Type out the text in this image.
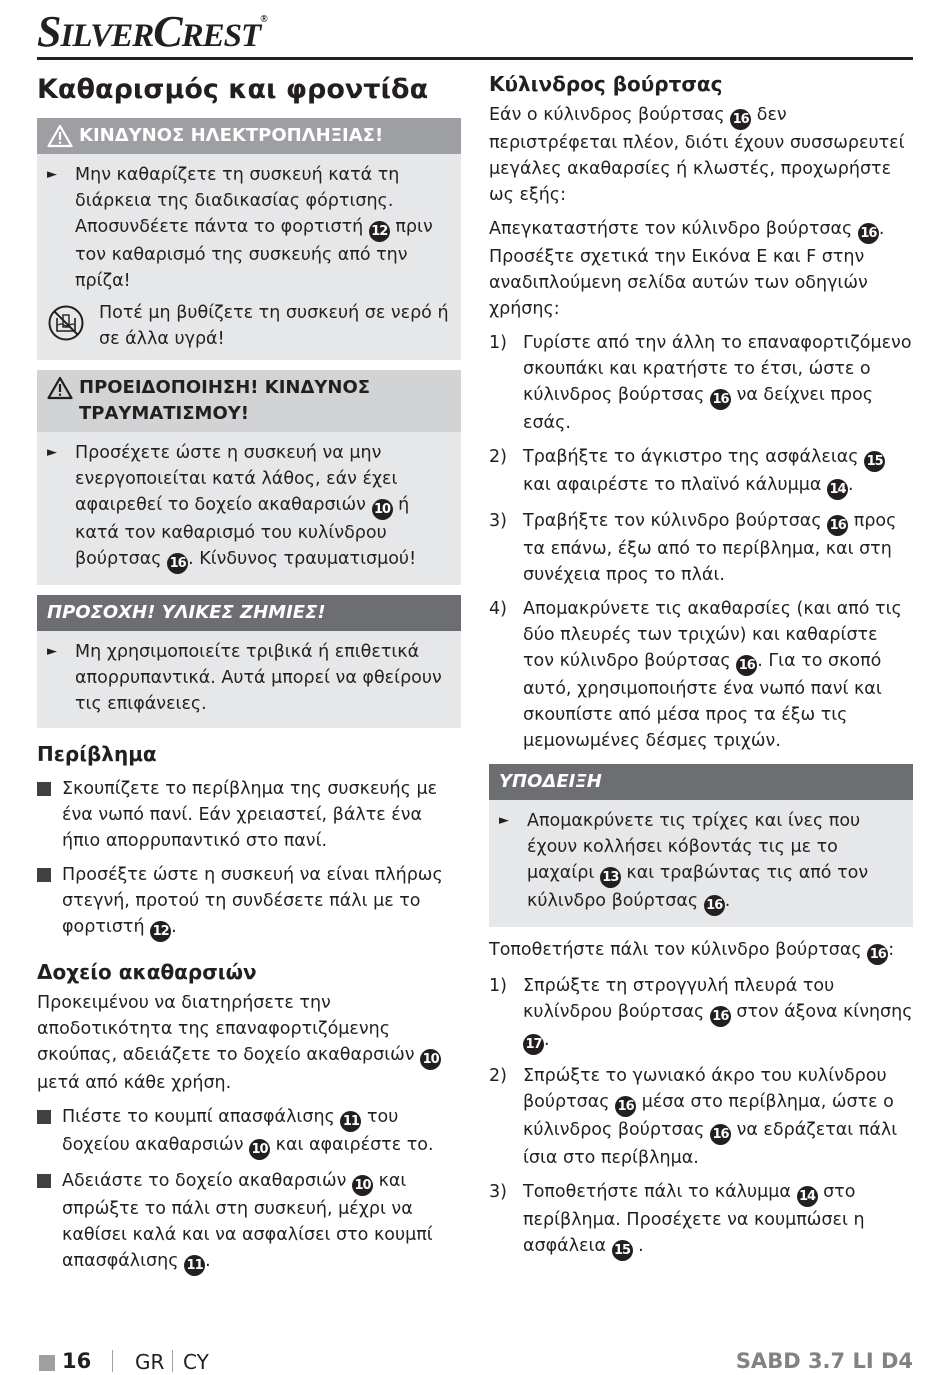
SILVERCREST®
Καθαρισμός και φροντίδα
ΚΙΝΔΥΝΟΣ ΗΛΕΚΤΡΟΠΛΗΞΙΑΣ!
►	Μην καθαρίζετε τη συσκευή κατά τη διάρκεια της διαδικασίας φόρτισης. Αποσυνδέετε πάντα το φορτιστή 12 πριν τον καθαρισμό της συσκευής από την πρίζα!
Ποτέ μη βυθίζετε τη συσκευή σε νερό ή σε άλλα υγρά!
ΠΡΟΕΙΔΟΠΟΙΗΣΗ! ΚΙΝΔΥΝΟΣ
ΤΡΑΥΜΑΤΙΣΜΟΥ!
►	Προσέχετε ώστε η συσκευή να μην ενεργοποιείται κατά λάθος, εάν έχει αφαιρεθεί το δοχείο ακαθαρσιών 10 ή κατά τον καθαρισμό του κυλίνδρου βούρτσας 16 . Κίνδυνος τραυματισμού!
ΠΡΟΣΟΧΗ! ΥΛΙΚΕΣ ΖΗΜΙΕΣ!
►	Μη χρησιμοποιείτε τριβικά ή επιθετικά απορρυπαντικά. Αυτά μπορεί να φθείρουν τις επιφάνειες.
Περίβλημα
Σκουπίζετε το περίβλημα της συσκευής με ένα νωπό πανί. Εάν χρειαστεί, βάλτε ένα ήπιο απορρυπαντικό στο πανί.
Προσέξτε ώστε η συσκευή να είναι πλήρως στεγνή, προτού τη συνδέσετε πάλι με το φορτιστή 12 .
Δοχείο ακαθαρσιών

Προκειμένου να διατηρήσετε την αποδοτικότητα της επαναφορτιζόμενης σκούπας, αδειάζετε το δοχείο ακαθαρσιών 10 μετά από κάθε χρήση.

Πιέστε το κουμπί απασφάλισης 11 του δοχείου ακαθαρσιών 10 και αφαιρέστε το.
Αδειάστε το δοχείο ακαθαρσιών 10 και σπρώξτε το πάλι στη συσκευή, μέχρι να καθίσει καλά και να ασφαλίσει στο κουμπί απασφάλισης 11 .
Κύλινδρος βούρτσας

Εάν ο κύλινδρος βούρτσας 16 δεν περιστρέφεται πλέον, διότι έχουν συσσωρευτεί μεγάλες ακαθαρσίες ή κλωστές, προχωρήστε ως εξής:

Απεγκαταστήστε τον κύλινδρο βούρτσας 16 . Προσέξτε σχετικά την Εικόνα E και F στην αναδιπλούμενη σελίδα αυτών των οδηγιών χρήσης:

1) Γυρίστε από την άλλη το επαναφορτιζόμενο σκουπάκι και κρατήστε το έτσι, ώστε ο κύλινδρος βούρτσας 16 να δείχνει προς εσάς.
2) Τραβήξτε το άγκιστρο της ασφάλειας 15 και αφαιρέστε το πλαϊνό κάλυμμα 14 .
3) Τραβήξτε τον κύλινδρο βούρτσας 16 προς τα επάνω, έξω από το περίβλημα, και στη συνέχεια προς το πλάι.
4) Απομακρύνετε τις ακαθαρσίες (και από τις δύο πλευρές των τριχών) και καθαρίστε τον κύλινδρο βούρτσας 16 . Για το σκοπό αυτό, χρησιμοποιήστε ένα νωπό πανί και σκουπίστε από μέσα προς τα έξω τις μεμονωμένες δέσμες τριχών.
ΥΠΟΔΕΙΞΗ
►	Απομακρύνετε τις τρίχες και ίνες που έχουν κολλήσει κόβοντάς τις με το μαχαίρι 13 και τραβώντας τις από τον κύλινδρο βούρτσας 16 .

Τοποθετήστε πάλι τον κύλινδρο βούρτσας 16 :

1) Σπρώξτε τη στρογγυλή πλευρά του κυλίνδρου βούρτσας 16 στον άξονα κίνησης 17 .
2) Σπρώξτε το γωνιακό άκρο του κυλίνδρου βούρτσας 16 μέσα στο περίβλημα, ώστε ο κύλινδρος βούρτσας 16 να εδράζεται πάλι ίσια στο περίβλημα.
3) Τοποθετήστε πάλι το κάλυμμα 14 στο περίβλημα. Προσέχετε να κουμπώσει η ασφάλεια 15 .
16 GR CY	SABD 3.7 LI D4
